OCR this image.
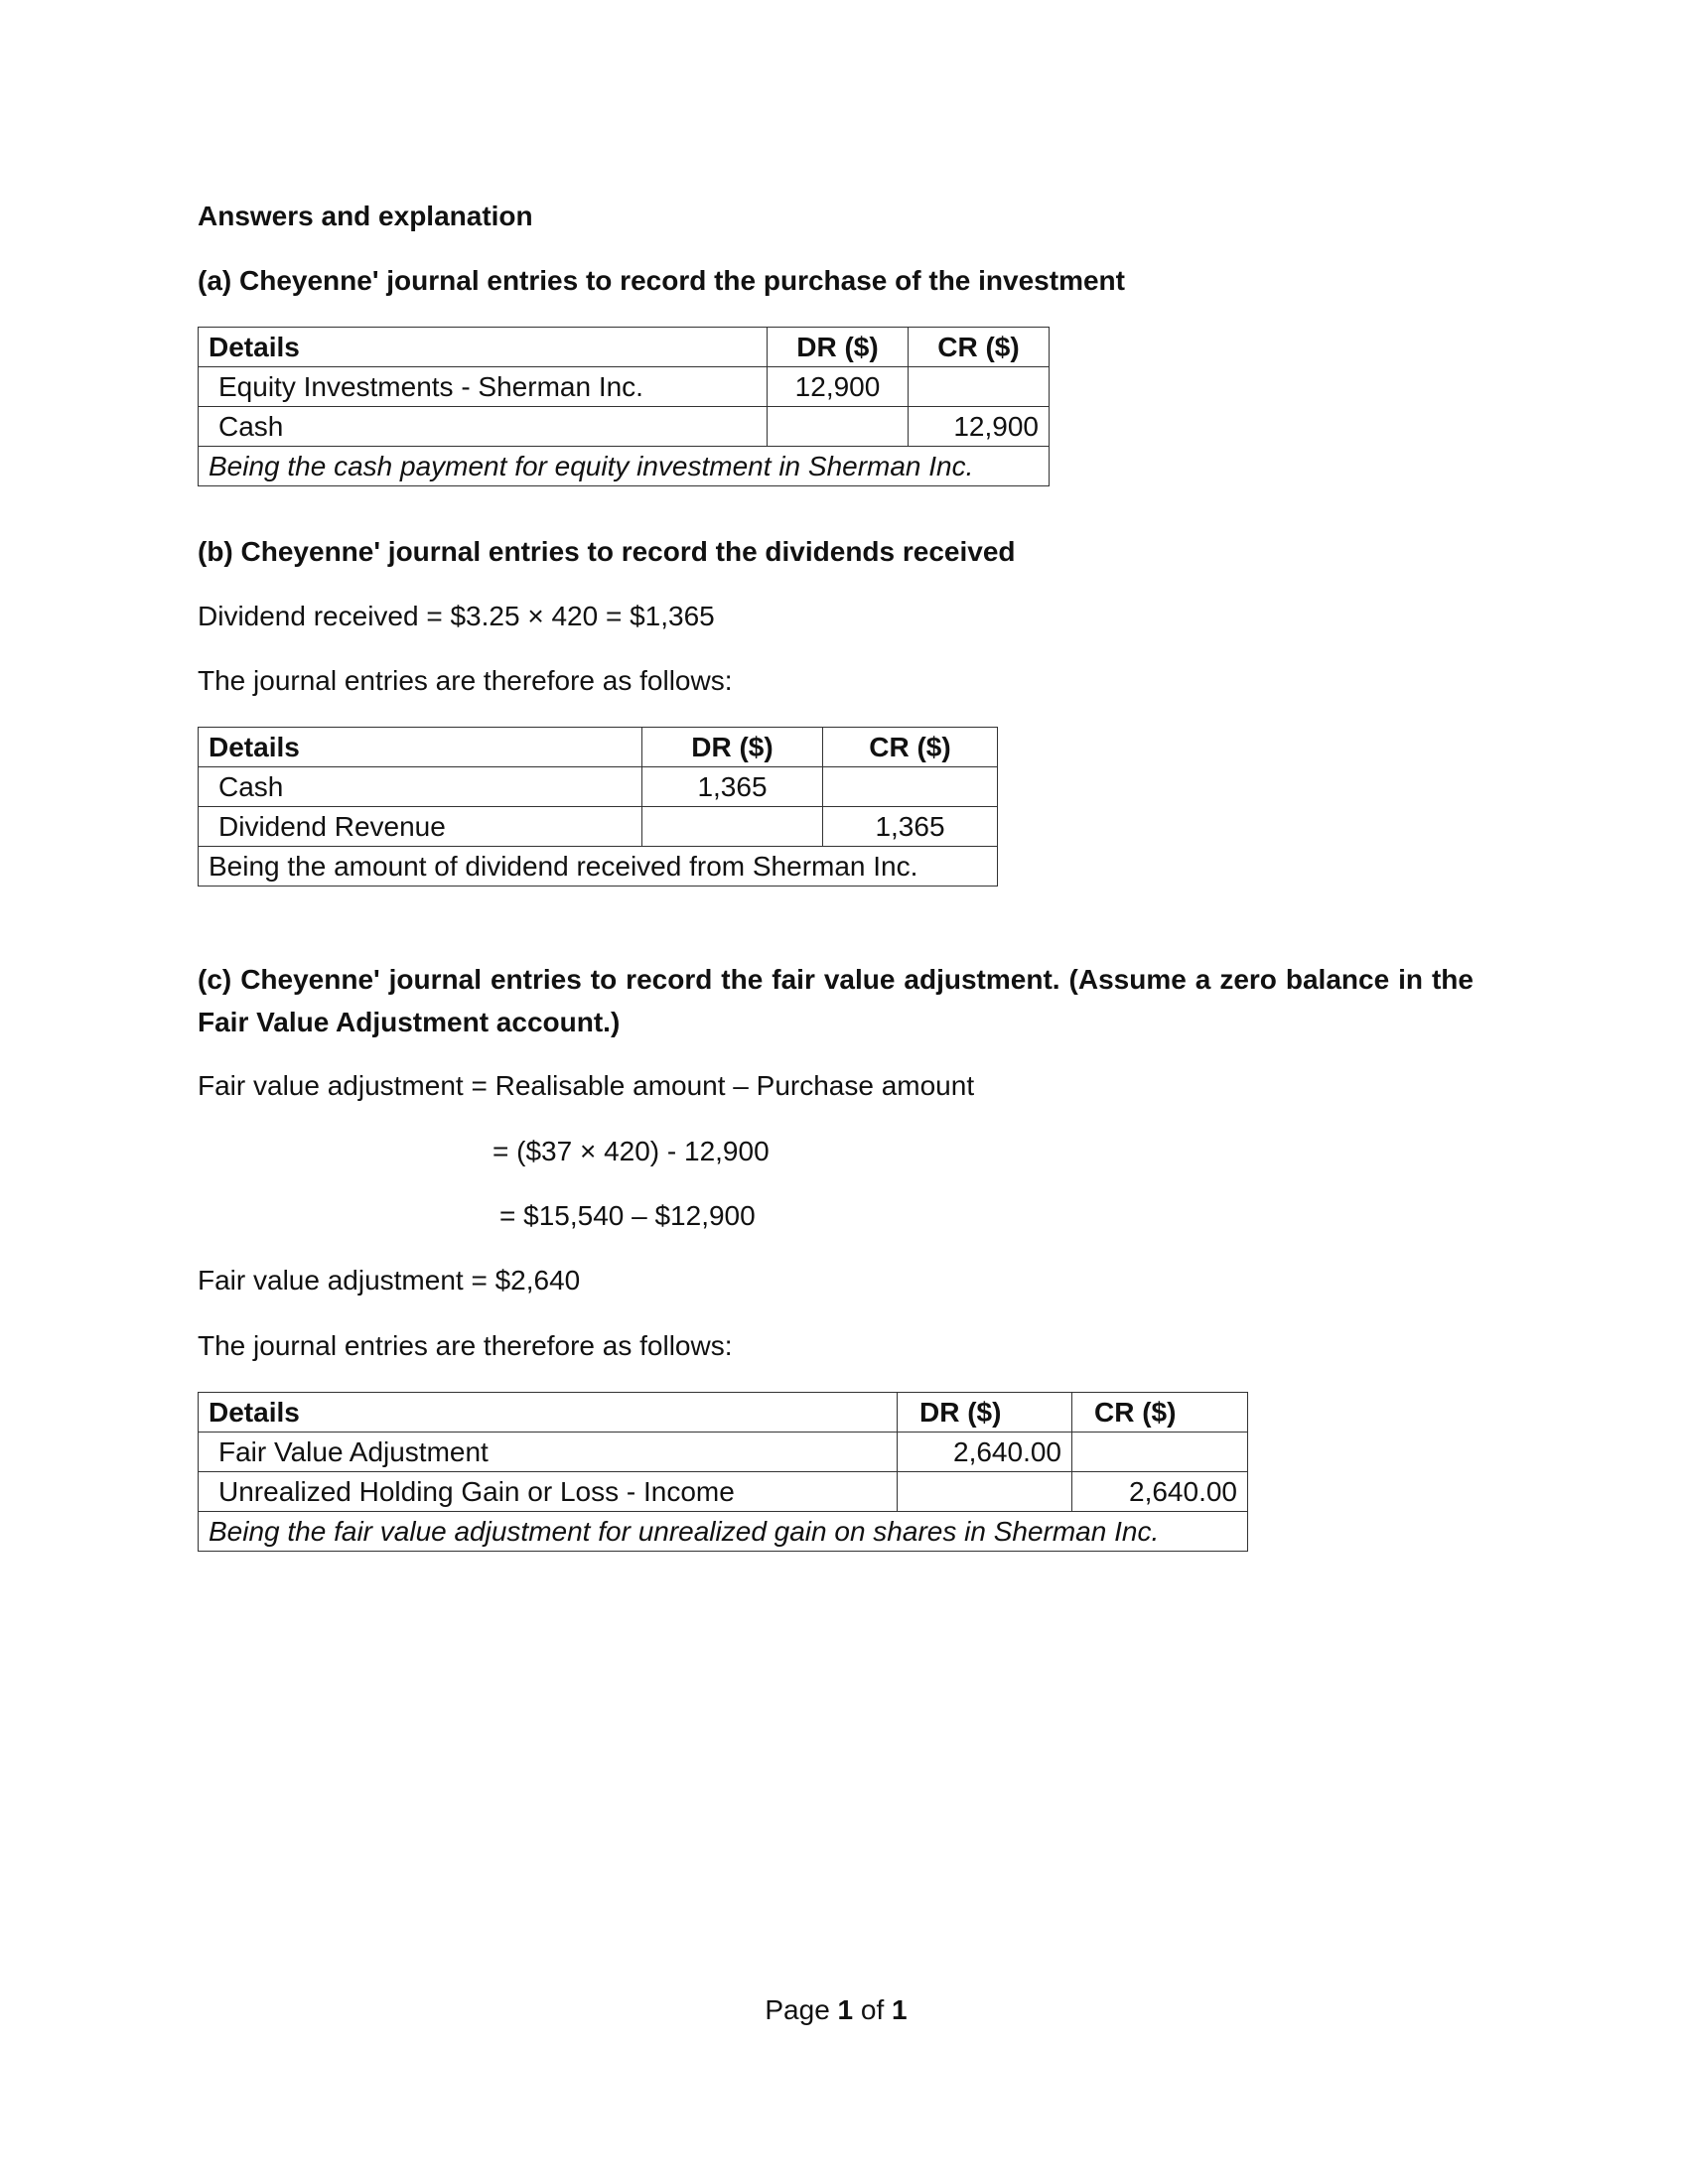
Answers and explanation
(a) Cheyenne' journal entries to record the purchase of the investment
Details	DR ($)	CR ($)
Equity Investments - Sherman Inc.	12,900	
Cash		12,900
Being the cash payment for equity investment in Sherman Inc.		
(b) Cheyenne' journal entries to record the dividends received
Dividend received = $3.25 × 420 = $1,365
The journal entries are therefore as follows:
Details	DR ($)	CR ($)
Cash	1,365	
Dividend Revenue		1,365
Being the amount of dividend received from Sherman Inc.		
(c) Cheyenne' journal entries to record the fair value adjustment. (Assume a zero balance in the Fair Value Adjustment account.)
Fair value adjustment = Realisable amount – Purchase amount
= ($37 × 420) - 12,900
= $15,540 – $12,900
Fair value adjustment = $2,640
The journal entries are therefore as follows:
Details	DR ($)	CR ($)
Fair Value Adjustment	2,640.00	
Unrealized Holding Gain or Loss - Income		2,640.00
Being the fair value adjustment for unrealized gain on shares in Sherman Inc.		
Page 1 of 1
